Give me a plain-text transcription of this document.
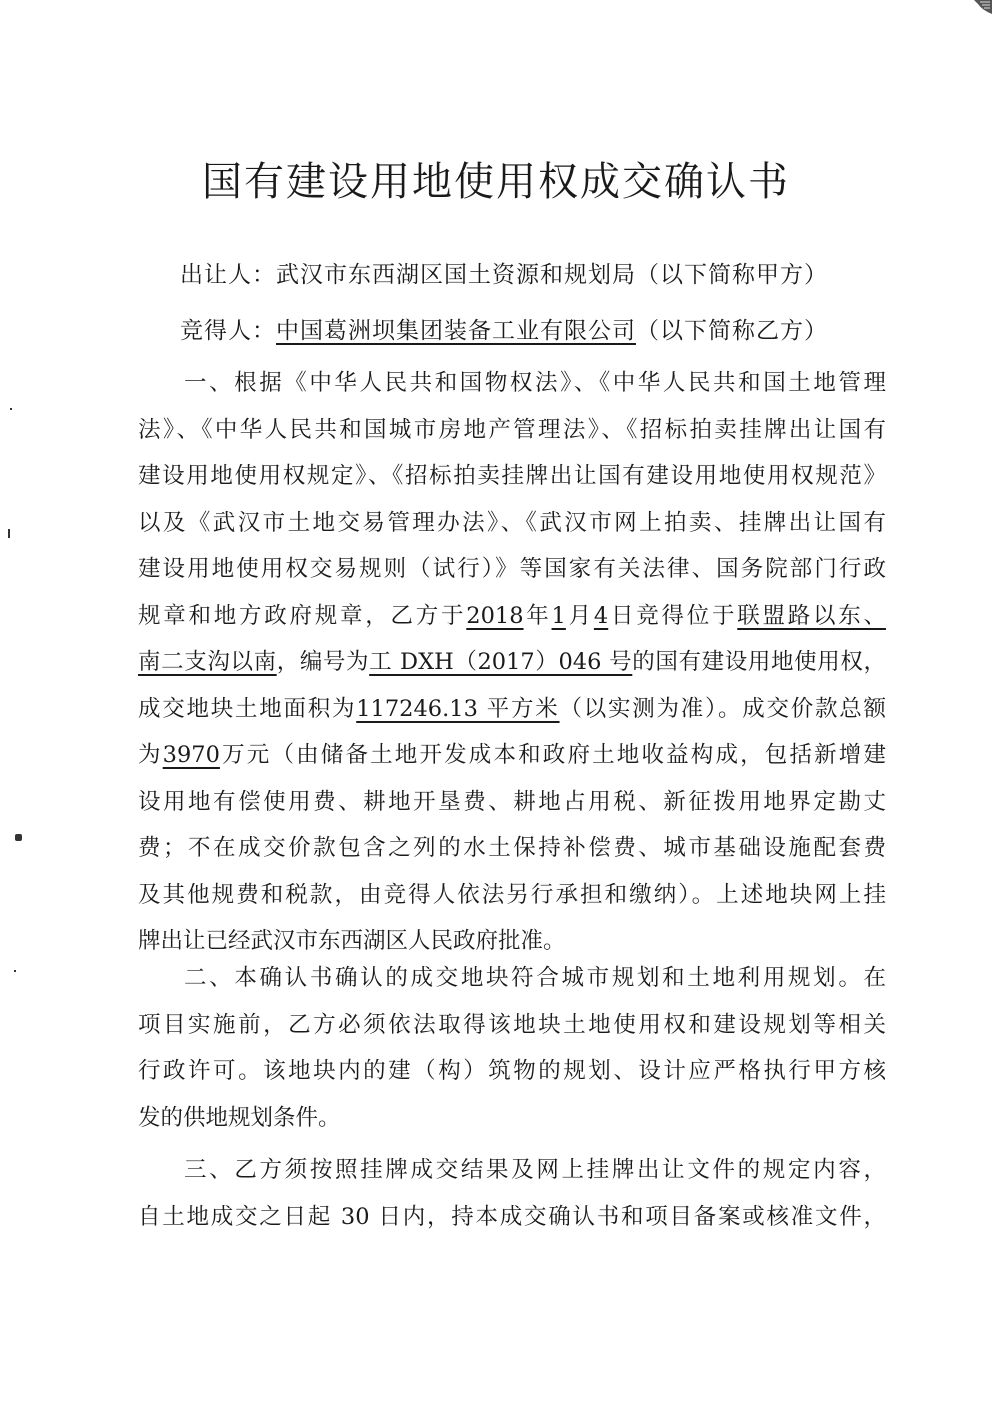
国有建设用地使用权成交确认书

出让人：武汉市东西湖区国土资源和规划局（以下简称甲方）

竞得人：中国葛洲坝集团装备工业有限公司（以下简称乙方）

一、根据《中华人民共和国物权法》、《中华人民共和国土地管理
法》、《中华人民共和国城市房地产管理法》、《招标拍卖挂牌出让国有
建设用地使用权规定》、《招标拍卖挂牌出让国有建设用地使用权规范》
以及《武汉市土地交易管理办法》、《武汉市网上拍卖、挂牌出让国有
建设用地使用权交易规则（试行）》等国家有关法律、国务院部门行政
规章和地方政府规章，乙方于2018年1月4日竞得位于联盟路以东、
南二支沟以南，编号为工 DXH（2017）046 号的国有建设用地使用权，
成交地块土地面积为117246.13 平方米（以实测为准）。成交价款总额
为3970万元（由储备土地开发成本和政府土地收益构成，包括新增建
设用地有偿使用费、耕地开垦费、耕地占用税、新征拨用地界定勘丈
费；不在成交价款包含之列的水土保持补偿费、城市基础设施配套费
及其他规费和税款，由竞得人依法另行承担和缴纳）。上述地块网上挂
牌出让已经武汉市东西湖区人民政府批准。
二、本确认书确认的成交地块符合城市规划和土地利用规划。在
项目实施前，乙方必须依法取得该地块土地使用权和建设规划等相关
行政许可。该地块内的建（构）筑物的规划、设计应严格执行甲方核
发的供地规划条件。
三、乙方须按照挂牌成交结果及网上挂牌出让文件的规定内容，
自土地成交之日起 30 日内，持本成交确认书和项目备案或核准文件，
